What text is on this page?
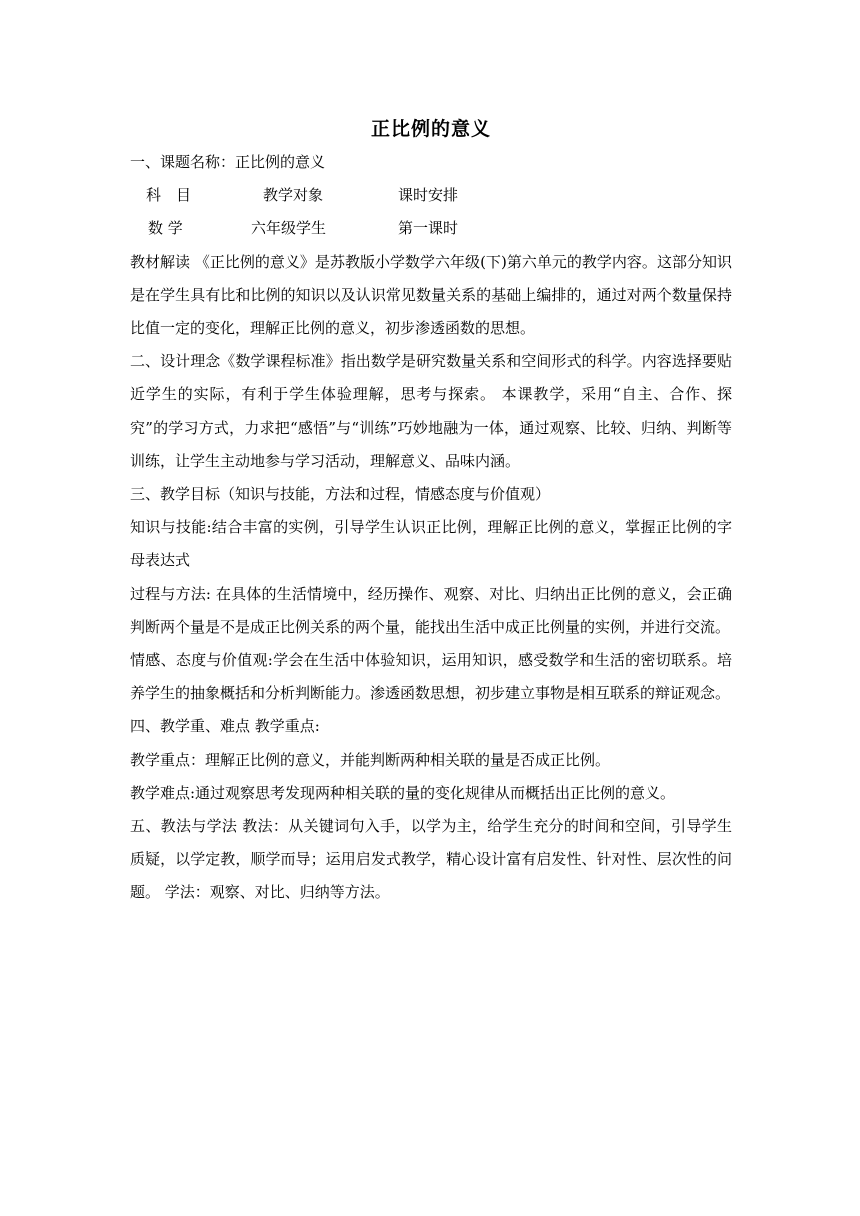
正比例的意义

一、课题名称：正比例的意义

科　目	教学对象	课时安排
数 学	六年级学生	第一课时

教材解读 《正比例的意义》是苏教版小学数学六年级(下)第六单元的教学内容。这部分知识是在学生具有比和比例的知识以及认识常见数量关系的基础上编排的，通过对两个数量保持比值一定的变化，理解正比例的意义，初步渗透函数的思想。

二、设计理念《数学课程标准》指出数学是研究数量关系和空间形式的科学。内容选择要贴近学生的实际，有利于学生体验理解，思考与探索。 本课教学，采用“自主、合作、探究”的学习方式，力求把“感悟”与“训练”巧妙地融为一体，通过观察、比较、归纳、判断等训练，让学生主动地参与学习活动，理解意义、品味内涵。

三、教学目标（知识与技能，方法和过程，情感态度与价值观）

知识与技能:结合丰富的实例，引导学生认识正比例，理解正比例的意义，掌握正比例的字母表达式

过程与方法: 在具体的生活情境中，经历操作、观察、对比、归纳出正比例的意义，会正确判断两个量是不是成正比例关系的两个量，能找出生活中成正比例量的实例，并进行交流。

情感、态度与价值观:学会在生活中体验知识，运用知识，感受数学和生活的密切联系。培养学生的抽象概括和分析判断能力。渗透函数思想，初步建立事物是相互联系的辩证观念。

四、教学重、难点 教学重点:

教学重点：理解正比例的意义，并能判断两种相关联的量是否成正比例。

教学难点:通过观察思考发现两种相关联的量的变化规律从而概括出正比例的意义。

五、教法与学法 教法：从关键词句入手，以学为主，给学生充分的时间和空间，引导学生质疑，以学定教，顺学而导；运用启发式教学，精心设计富有启发性、针对性、层次性的问题。 学法：观察、对比、归纳等方法。
